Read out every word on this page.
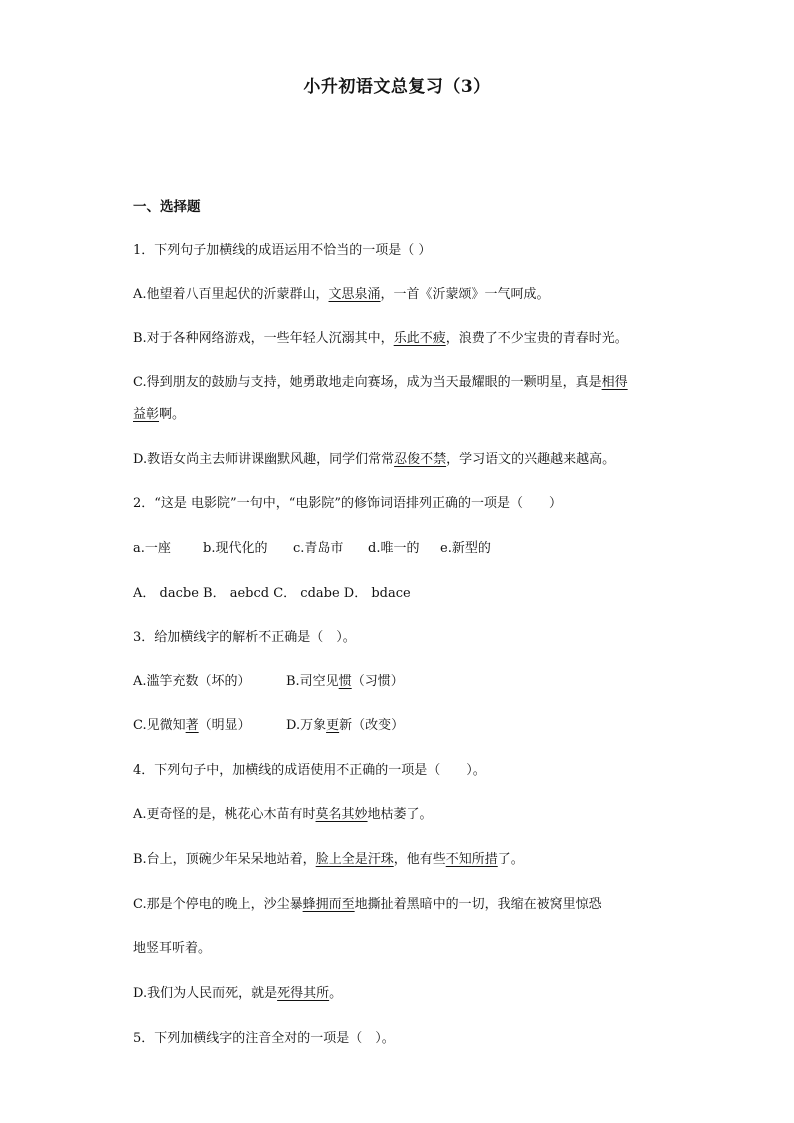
小升初语文总复习（3）
一、选择题
1．下列句子加横线的成语运用不恰当的一项是（ ）
A.他望着八百里起伏的沂蒙群山，文思泉涌，一首《沂蒙颂》一气呵成。
B.对于各种网络游戏，一些年轻人沉溺其中，乐此不疲，浪费了不少宝贵的青春时光。
C.得到朋友的鼓励与支持，她勇敢地走向赛场，成为当天最耀眼的一颗明星，真是相得
益彰啊。
D.教语女尚主去师讲课幽默风趣，同学们常常忍俊不禁，学习语文的兴趣越来越高。
2．“这是 电影院”一句中，“电影院”的修饰词语排列正确的一项是（　　）
a.一座 b.现代化的 c.青岛市 d.唯一的 e.新型的
A． dacbe B． aebcd C． cdabe D． bdace
3．给加横线字的解析不正确是（　）。
A.滥竽充数（坏的）	B.司空见惯（习惯）
C.见微知著（明显）	D.万象更新（改变）
4．下列句子中，加横线的成语使用不正确的一项是（　　）。
A.更奇怪的是，桃花心木苗有时莫名其妙地枯萎了。
B.台上，顶碗少年呆呆地站着，脸上全是汗珠，他有些不知所措了。
C.那是个停电的晚上，沙尘暴蜂拥而至地撕扯着黑暗中的一切，我缩在被窝里惊恐
地竖耳听着。
D.我们为人民而死，就是死得其所。
5．下列加横线字的注音全对的一项是（　）。
